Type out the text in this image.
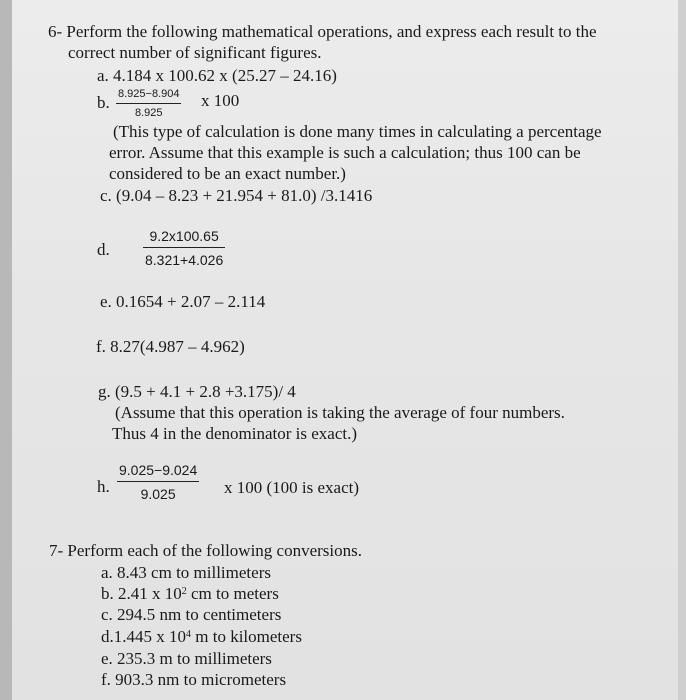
6- Perform the following mathematical operations, and express each result to the
correct number of significant figures.
a. 4.184 x 100.62 x (25.27 – 24.16)
b. 8.925−8.904
8.925
x 100
(This type of calculation is done many times in calculating a percentage
error. Assume that this example is such a calculation; thus 100 can be
considered to be an exact number.)
c. (9.04 – 8.23 + 21.954 + 81.0) /3.1416
d.
9.2x100.65
8.321+4.026
e. 0.1654 + 2.07 – 2.114
f. 8.27(4.987 – 4.962)
g. (9.5 + 4.1 + 2.8 +3.175)/ 4
(Assume that this operation is taking the average of four numbers.
Thus 4 in the denominator is exact.)
h.
9.025−9.024
9.025	x 100 (100 is exact)
7- Perform each of the following conversions.
a. 8.43 cm to millimeters
b. 2.41 x $10^2$ cm to meters
c. 294.5 nm to centimeters
d.1.445 x $10^4$ m to kilometers
e. 235.3 m to millimeters
f. 903.3 nm to micrometers
